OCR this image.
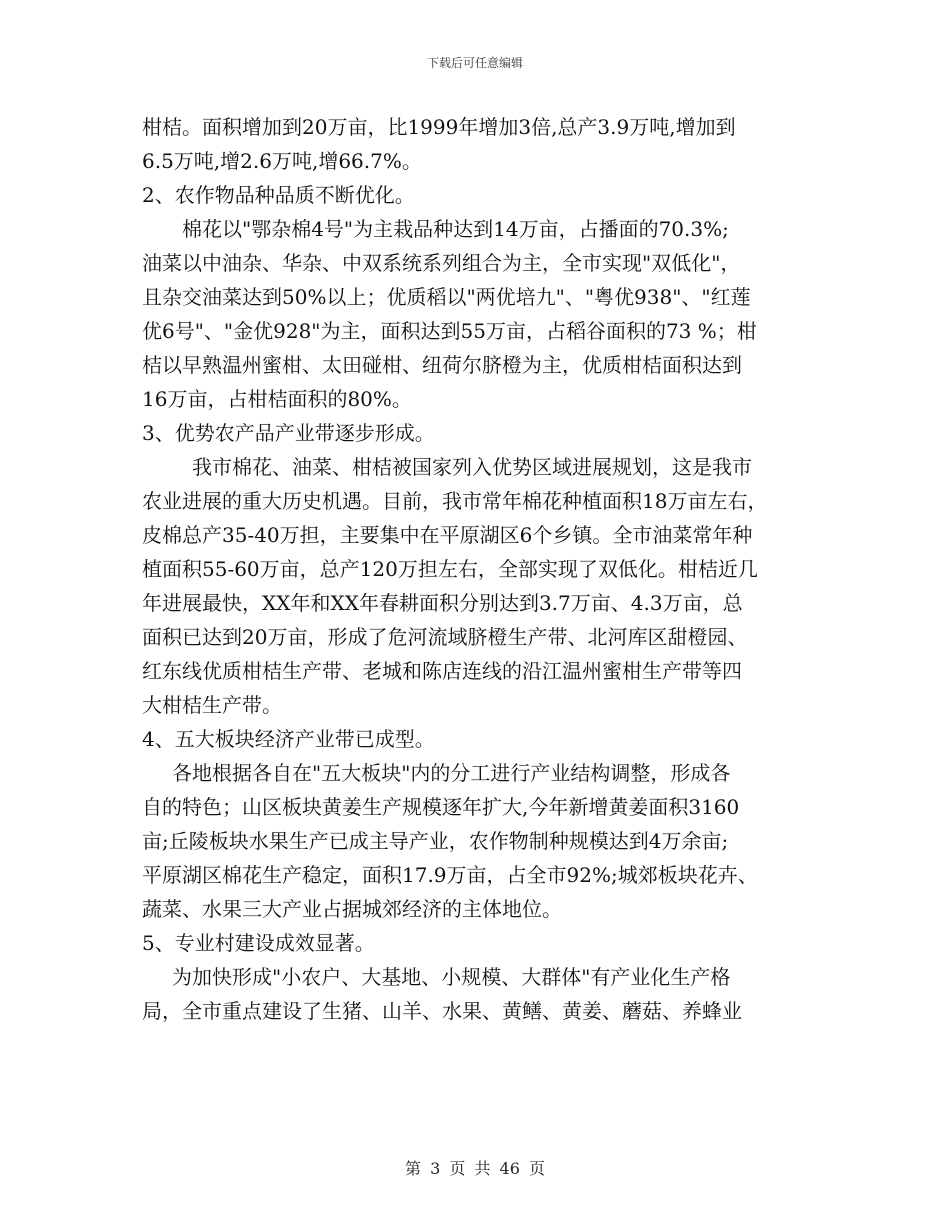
下载后可任意编辑

柑桔。面积增加到20万亩，比1999年增加3倍,总产3.9万吨,增加到

6.5万吨,增2.6万吨,增66.7%。

2、农作物品种品质不断优化。

棉花以"鄂杂棉4号"为主栽品种达到14万亩，占播面的70.3%;

油菜以中油杂、华杂、中双系统系列组合为主，全市实现"双低化"，

且杂交油菜达到50%以上；优质稻以"两优培九"、"粤优938"、"红莲

优6号"、"金优928"为主，面积达到55万亩，占稻谷面积的73 %；柑

桔以早熟温州蜜柑、太田碰柑、纽荷尔脐橙为主，优质柑桔面积达到

16万亩，占柑桔面积的80%。

3、优势农产品产业带逐步形成。

我市棉花、油菜、柑桔被国家列入优势区域进展规划，这是我市

农业进展的重大历史机遇。目前，我市常年棉花种植面积18万亩左右，

皮棉总产35-40万担，主要集中在平原湖区6个乡镇。全市油菜常年种

植面积55-60万亩，总产120万担左右，全部实现了双低化。柑桔近几

年进展最快，XX年和XX年春耕面积分别达到3.7万亩、4.3万亩，总

面积已达到20万亩，形成了危河流域脐橙生产带、北河库区甜橙园、

红东线优质柑桔生产带、老城和陈店连线的沿江温州蜜柑生产带等四

大柑桔生产带。

4、五大板块经济产业带已成型。

各地根据各自在"五大板块"内的分工进行产业结构调整，形成各

自的特色；山区板块黄姜生产规模逐年扩大,今年新增黄姜面积3160

亩;丘陵板块水果生产已成主导产业，农作物制种规模达到4万余亩;

平原湖区棉花生产稳定，面积17.9万亩，占全市92%;城郊板块花卉、

蔬菜、水果三大产业占据城郊经济的主体地位。

5、专业村建设成效显著。

为加快形成"小农户、大基地、小规模、大群体"有产业化生产格

局，全市重点建设了生猪、山羊、水果、黄鳝、黄姜、蘑菇、养蜂业

第 3 页 共 46 页
